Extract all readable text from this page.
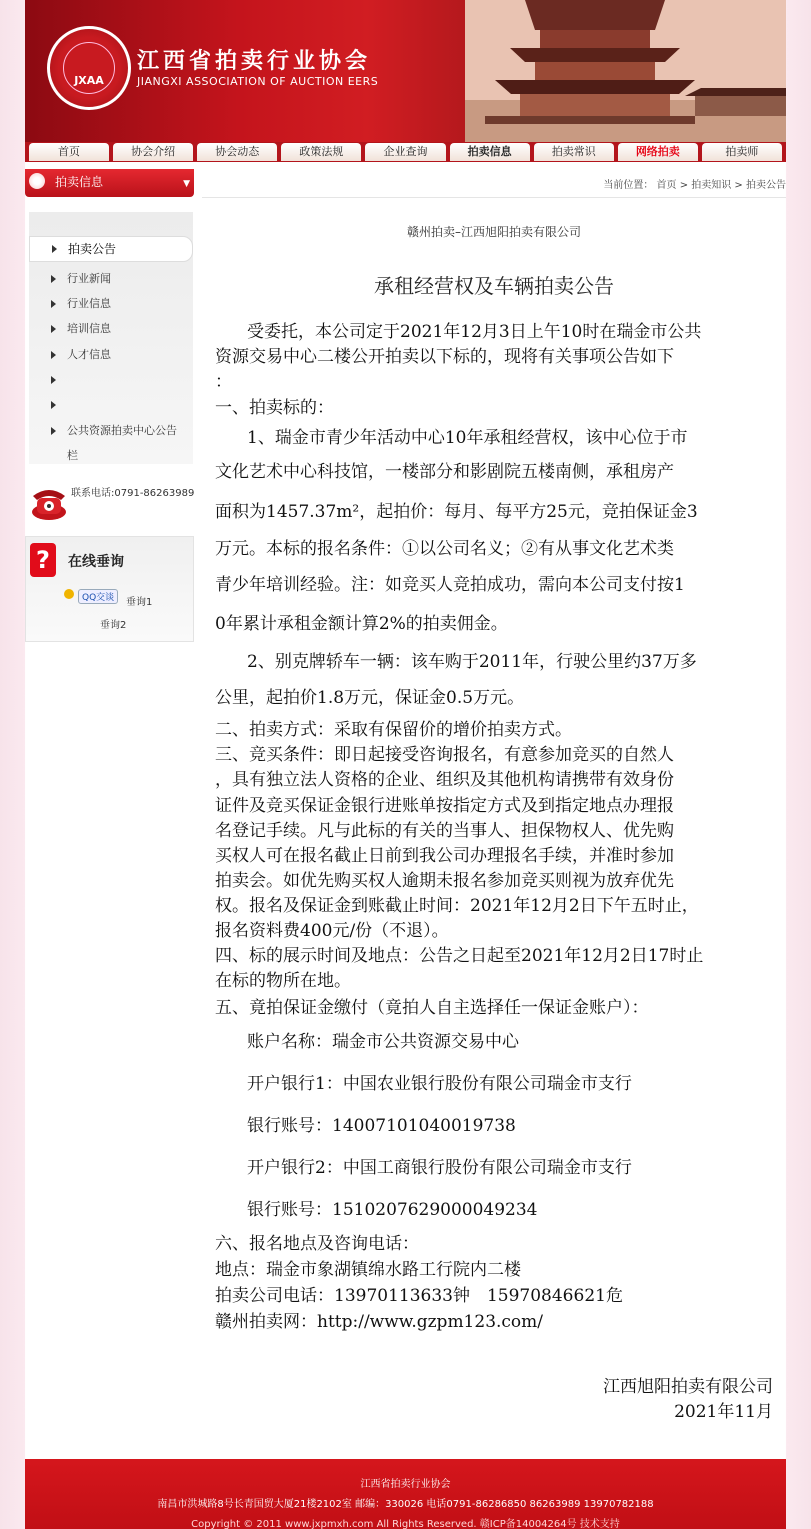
JXAA
江西省拍卖行业协会
JIANGXI ASSOCIATION OF AUCTION EERS
首页	协会介绍	协会动态	政策法规	企业查询	拍卖信息	拍卖常识	网络拍卖	拍卖师
拍卖信息	▼
拍卖公告
行业新闻
行业信息
培训信息
人才信息
公共资源拍卖中心公告
栏
联系电话:0791-86263989
?	在线垂询
QQ交谈	垂询1
垂询2
当前位置： 首页 > 拍卖知识 > 拍卖公告
赣州拍卖–江西旭阳拍卖有限公司
承租经营权及车辆拍卖公告

受委托，本公司定于2021年12月3日上午10时在瑞金市公共

资源交易中心二楼公开拍卖以下标的，现将有关事项公告如下

：

一、拍卖标的：

1、瑞金市青少年活动中心10年承租经营权，该中心位于市

文化艺术中心科技馆，一楼部分和影剧院五楼南侧，承租房产

面积为1457.37m²，起拍价：每月、每平方25元，竞拍保证金3

万元。本标的报名条件：①以公司名义；②有从事文化艺术类

青少年培训经验。注：如竞买人竞拍成功，需向本公司支付按1

0年累计承租金额计算2%的拍卖佣金。

2、别克牌轿车一辆：该车购于2011年，行驶公里约37万多

公里，起拍价1.8万元，保证金0.5万元。

二、拍卖方式：采取有保留价的增价拍卖方式。

三、竞买条件：即日起接受咨询报名，有意参加竞买的自然人

，具有独立法人资格的企业、组织及其他机构请携带有效身份

证件及竞买保证金银行进账单按指定方式及到指定地点办理报

名登记手续。凡与此标的有关的当事人、担保物权人、优先购

买权人可在报名截止日前到我公司办理报名手续，并准时参加

拍卖会。如优先购买权人逾期未报名参加竞买则视为放弃优先

权。报名及保证金到账截止时间：2021年12月2日下午五时止，

报名资料费400元/份（不退）。

四、标的展示时间及地点：公告之日起至2021年12月2日17时止

在标的物所在地。

五、竟拍保证金缴付（竟拍人自主选择任一保证金账户）：

账户名称：瑞金市公共资源交易中心

开户银行1：中国农业银行股份有限公司瑞金市支行

银行账号：14007101040019738

开户银行2：中国工商银行股份有限公司瑞金市支行

银行账号：1510207629000049234

六、报名地点及咨询电话：

地点：瑞金市象湖镇绵水路工行院内二楼

拍卖公司电话：13970113633钟　15970846621危

赣州拍卖网：http://www.gzpm123.com/

江西旭阳拍卖有限公司
2021年11月
江西省拍卖行业协会
南昌市洪城路8号长青国贸大厦21楼2102室 邮编：330026 电话0791-86286850 86263989 13970782188
Copyright © 2011 www.jxpmxh.com All Rights Reserved. 赣ICP备14004264号 技术支持
